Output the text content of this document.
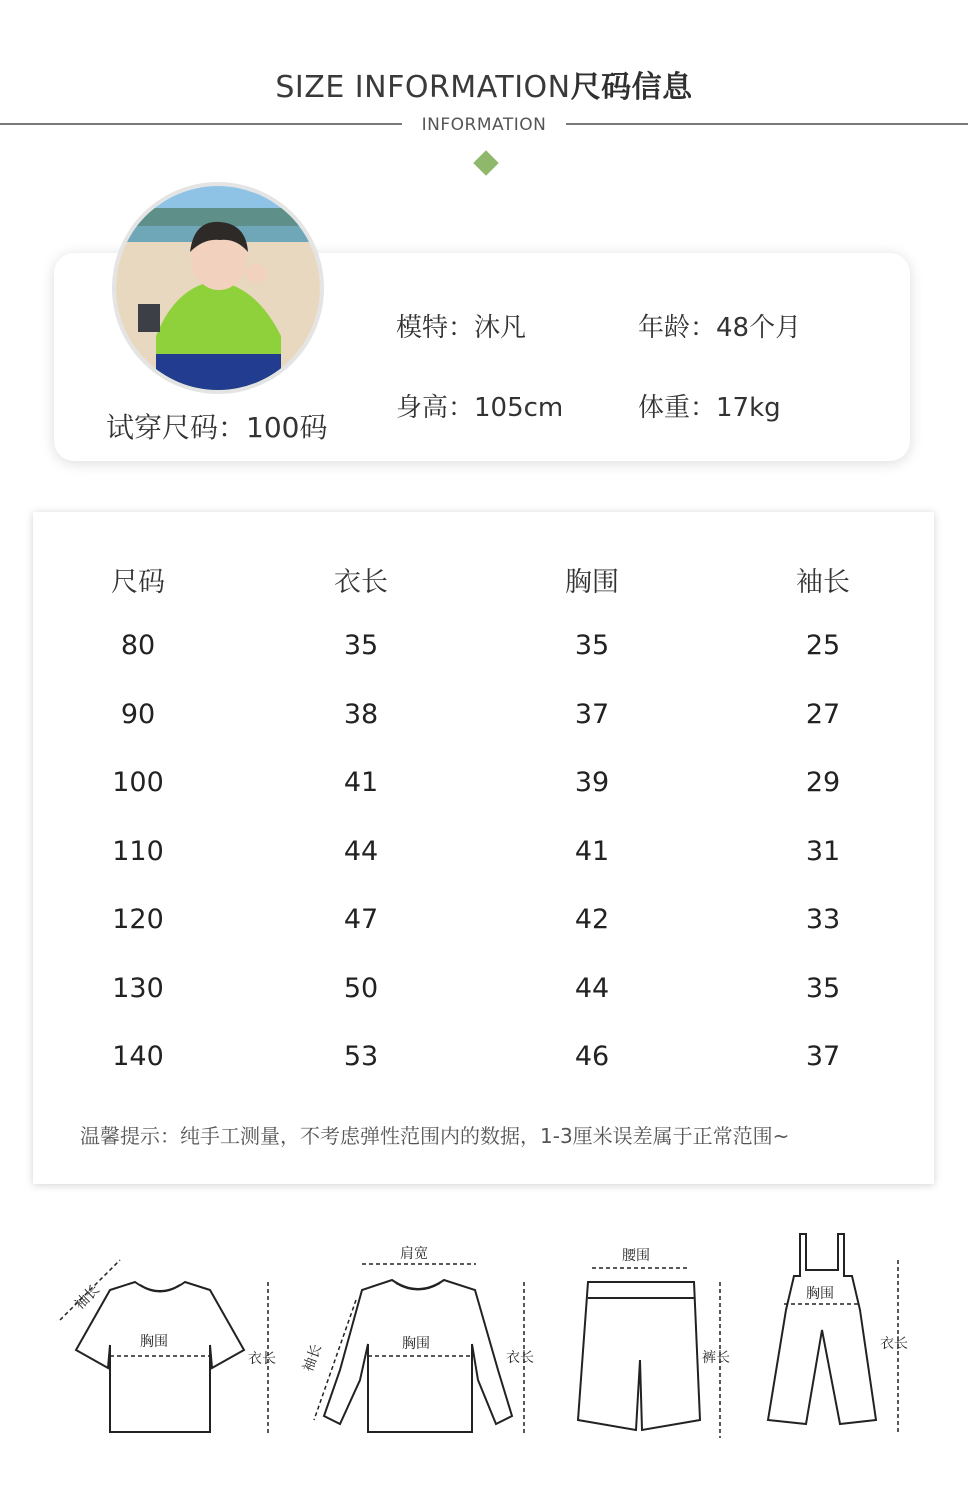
SIZE INFORMATION尺码信息
INFORMATION
试穿尺码：100码
模特：沐凡	年龄：48个月
身高：105cm	体重：17kg
尺码	衣长	胸围	袖长
80	35	35	25
90	38	37	27
100	41	39	29
110	44	41	31
120	47	42	33
130	50	44	35
140	53	46	37
温馨提示：纯手工测量，不考虑弹性范围内的数据，1-3厘米误差属于正常范围~
胸围
衣长
袖长
肩宽
胸围
衣长
袖长
腰围
裤长
胸围
衣长
